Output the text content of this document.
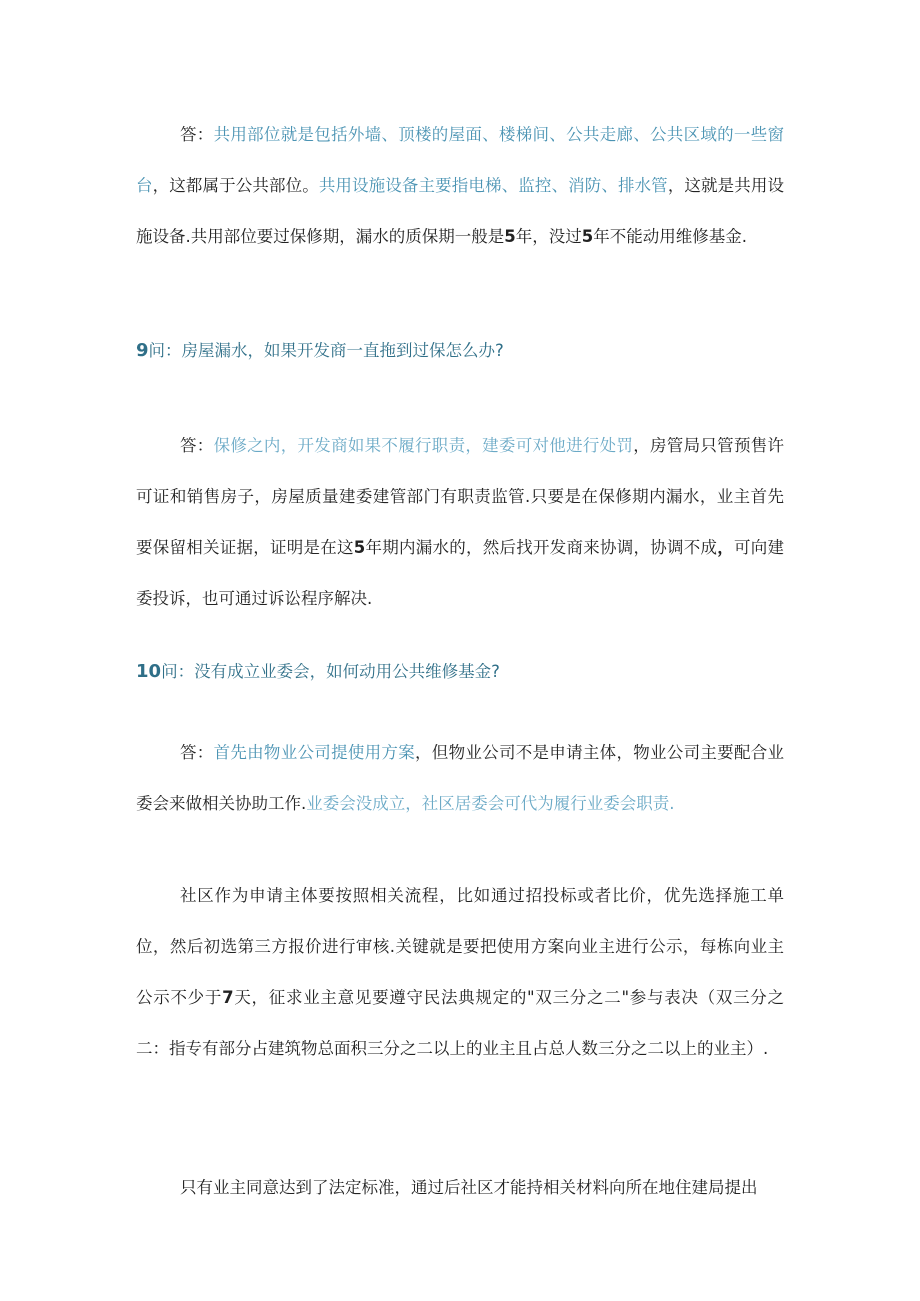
答：共用部位就是包括外墙、顶楼的屋面、楼梯间、公共走廊、公共区域的一些窗台，这都属于公共部位。共用设施设备主要指电梯、监控、消防、排水管，这就是共用设施设备.共用部位要过保修期，漏水的质保期一般是5年，没过5年不能动用维修基金.

9问：房屋漏水，如果开发商一直拖到过保怎么办?

答：保修之内，开发商如果不履行职责，建委可对他进行处罚，房管局只管预售许可证和销售房子，房屋质量建委建管部门有职责监管.只要是在保修期内漏水，业主首先要保留相关证据，证明是在这5年期内漏水的，然后找开发商来协调，协调不成，可向建委投诉，也可通过诉讼程序解决.

10问：没有成立业委会，如何动用公共维修基金?

答：首先由物业公司提使用方案，但物业公司不是申请主体，物业公司主要配合业委会来做相关协助工作.业委会没成立，社区居委会可代为履行业委会职责.

社区作为申请主体要按照相关流程，比如通过招投标或者比价，优先选择施工单位，然后初选第三方报价进行审核.关键就是要把使用方案向业主进行公示，每栋向业主公示不少于7天，征求业主意见要遵守民法典规定的"双三分之二"参与表决（双三分之二：指专有部分占建筑物总面积三分之二以上的业主且占总人数三分之二以上的业主）.

只有业主同意达到了法定标准，通过后社区才能持相关材料向所在地住建局提出
